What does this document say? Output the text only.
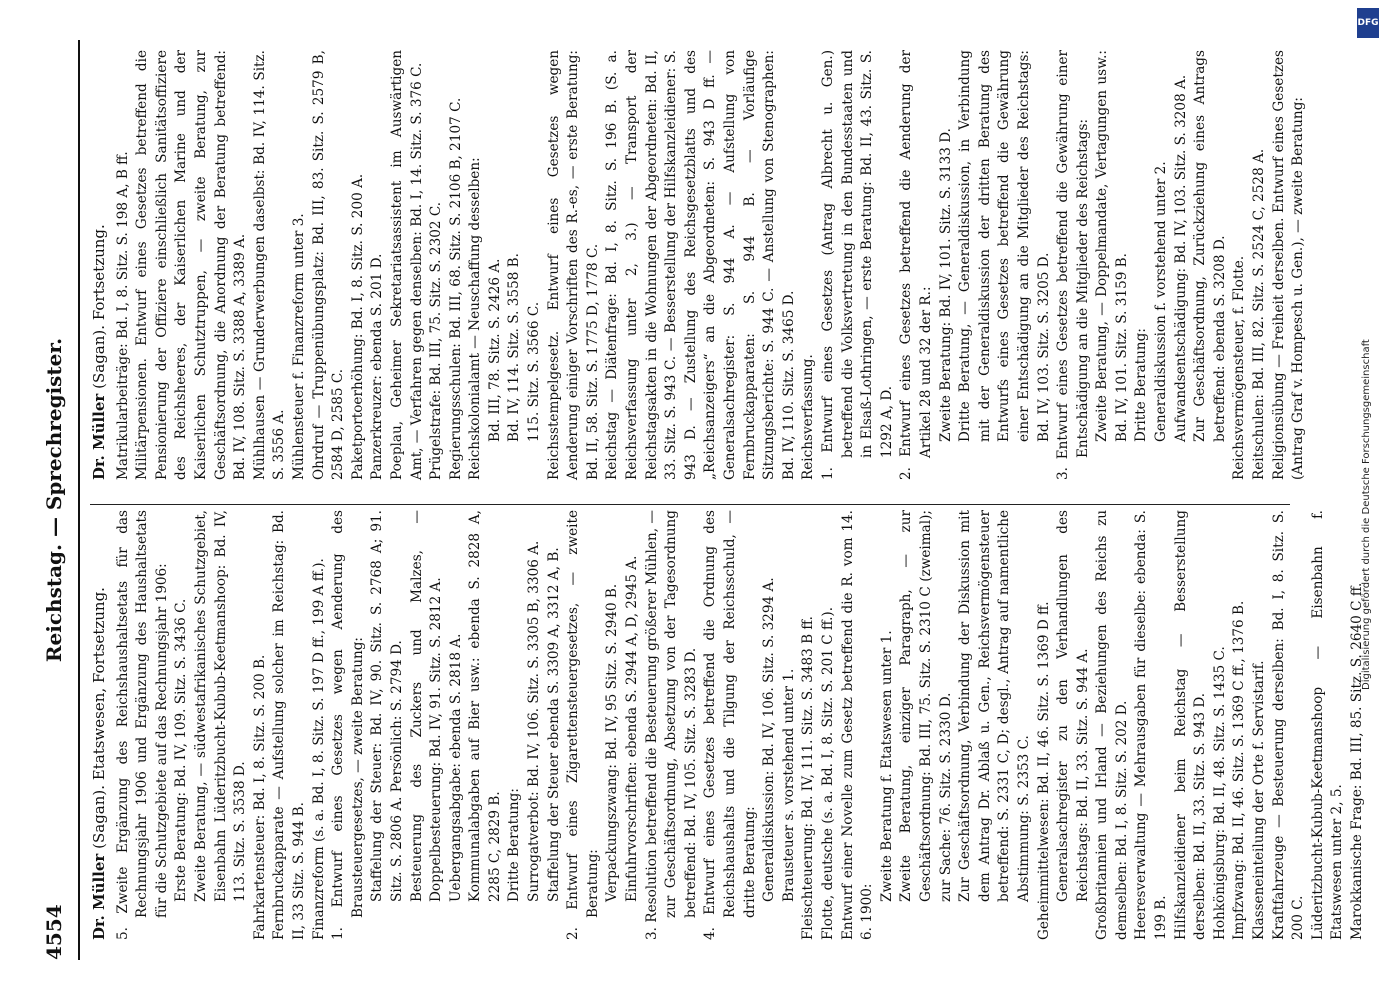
4554
Reichstag. — Sprechregister.
Dr. Müller (Sagan). Etatswesen, Fortsetzung. 5. Zweite Ergänzung des Reichshaushaltsetats für das Rechnungsjahr 1906 und Ergänzung des Haushaltsetats für die Schutzgebiete auf das Rechnungsjahr 1906: Erste Beratung: Bd. IV, 109. Sitz. S. 3436 C. Zweite Beratung, — südwestafrikanisches Schutzgebiet, Eisenbahn Lüderitzbucht-Kubub-Keetmanshoop: Bd. IV, 113. Sitz. S. 3538 D. Fahrkartensteuer: Bd. I, 8. Sitz. S. 200 B. Fernbruckapparate — Aufstellung solcher im Reichstag: Bd. II, 33 Sitz. S. 944 B. Finanzreform (s. a. Bd. I, 8. Sitz. S. 197 D ff., 199 A ff.). 1. Entwurf eines Gesetzes wegen Aenderung des Brausteuergesetzes, — zweite Beratung: Staffelung der Steuer: Bd. IV, 90. Sitz. S. 2768 A; 91. Sitz. S. 2806 A. Persönlich: S. 2794 D. Besteuerung des Zuckers und Malzes, — Doppelbesteuerung: Bd. IV, 91. Sitz. S. 2812 A. Uebergangsabgabe: ebenda S. 2818 A. Kommunalabgaben auf Bier usw.: ebenda S. 2828 A, 2285 C, 2829 B. Dritte Beratung: Surrogatverbot: Bd. IV, 106. Sitz. S. 3305 B, 3306 A. Staffelung der Steuer ebenda S. 3309 A, 3312 A, B. 2. Entwurf eines Zigarettensteuergesetzes, — zweite Beratung: Verpackungszwang: Bd. IV, 95 Sitz. S. 2940 B. Einfuhrvorschriften: ebenda S. 2944 A, D, 2945 A. 3. Resolution betreffend die Besteuerung größerer Mühlen, — zur Geschäftsordnung, Absetzung von der Tagesordnung betreffend: Bd. IV, 105. Sitz. S. 3283 D. 4. Entwurf eines Gesetzes betreffend die Ordnung des Reichshaushalts und die Tilgung der Reichsschuld, — dritte Beratung: Generaldiskussion: Bd. IV, 106. Sitz. S. 3294 A. Brausteuer s. vorstehend unter 1. Fleischteuerung: Bd. IV, 111. Sitz. S. 3483 B ff. Flotte, deutsche (s. a. Bd. I, 8. Sitz. S. 201 C ff.). Entwurf einer Novelle zum Gesetz betreffend die R. vom 14. 6. 1900:

Zweite Beratung f. Etatswesen unter 1. Zweite Beratung, einziger Paragraph, — zur Geschäftsordnung: Bd. III, 75. Sitz. S. 2310 C (zweimal); zur Sache: 76. Sitz. S. 2330 D. Zur Geschäftsordnung, Verbindung der Diskussion mit dem Antrag Dr. Ablaß u. Gen., Reichsvermögensteuer betreffend: S. 2331 C, D; desgl., Antrag auf namentliche Abstimmung: S. 2353 C. Geheimmittelwesen: Bd. II, 46. Sitz. S. 1369 D ff. Generalsachregister zu den Verhandlungen des Reichstags: Bd. II, 33. Sitz. S. 944 A. Großbritannien und Irland — Beziehungen des Reichs zu demselben: Bd. I, 8. Sitz. S. 202 D. Heeresverwaltung — Mehrausgaben für dieselbe: ebenda: S. 199 B. Hilfskanzleidiener beim Reichstag — Besserstellung derselben: Bd. II, 33. Sitz. S. 943 D. Hohkönigsburg: Bd. II, 48. Sitz. S. 1435 C. Impfzwang: Bd. II, 46. Sitz. S. 1369 C ff., 1376 B. Klasseneinteilung der Orte f. Servistarif. Kraftfahrzeuge — Besteuerung derselben: Bd. I, 8. Sitz. S. 200 C. Lüderitzbucht-Kubub-Keetmanshoop — Eisenbahn f. Etatswesen unter 2, 5. Marokkanische Frage: Bd. III, 85. Sitz. S. 2640 C ff.

Dr. Müller (Sagan). Fortsetzung. Matrikularbeiträge: Bd. I, 8. Sitz. S. 198 A, B ff. Militärpensionen. Entwurf eines Gesetzes betreffend die Pensionierung der Offiziere einschließlich Sanitätsoffiziere des Reichsheeres, der Kaiserlichen Marine und der Kaiserlichen Schutztruppen, — zweite Beratung, zur Geschäftsordnung, die Anordnung der Beratung betreffend: Bd. IV, 108. Sitz. S. 3388 A, 3389 A. Mühlhausen — Grunderwerbungen daselbst: Bd. IV, 114. Sitz. S. 3556 A. Mühlensteuer f. Finanzreform unter 3. Ohrdruf — Truppenübungsplatz: Bd. III, 83. Sitz. S. 2579 B, 2584 D, 2585 C. Paketportoerhöhung: Bd. I, 8. Sitz. S. 200 A. Panzerkreuzer: ebenda S. 201 D. Poeplau, Geheimer Sekretariatsassistent im Auswärtigen Amt, — Verfahren gegen denselben: Bd. I, 14. Sitz. S. 376 C. Prügelstrafe: Bd. III, 75. Sitz. S. 2302 C. Regierungsschulen: Bd. III, 68. Sitz. S. 2106 B, 2107 C. Reichskolonialamt — Neuschaffung desselben: Bd. III, 78. Sitz. S. 2426 A. Bd. IV, 114. Sitz. S. 3558 B. 115. Sitz. S. 3566 C. Reichsstempelgesetz. Entwurf eines Gesetzes wegen Aenderung einiger Vorschriften des R.-es, — erste Beratung: Bd. II, 58. Sitz. S. 1775 D, 1778 C. Reichstag — Diätenfrage: Bd. I, 8. Sitz. S. 196 B. (S. a. Reichsverfassung unter 2, 3.) — Transport der Reichstagsakten in die Wohnungen der Abgeordneten: Bd. II, 33. Sitz. S. 943 C. — Besserstellung der Hilfskanzleidiener: S. 943 D. — Zustellung des Reichsgesetzblatts und des „Reichsanzeigers“ an die Abgeordneten: S. 943 D ff. — Generalsachregister: S. 944 A. — Aufstellung von Fernbruckapparaten: S. 944 B. — Vorläufige Sitzungsberichte: S. 944 C. — Anstellung von Stenographen: Bd. IV, 110. Sitz. S. 3465 D. Reichsverfassung. 1. Entwurf eines Gesetzes (Antrag Albrecht u. Gen.) betreffend die Volksvertretung in den Bundesstaaten und in Elsaß-Lothringen, — erste Beratung: Bd. II, 43. Sitz. S. 1292 A, D. 2. Entwurf eines Gesetzes betreffend die Aenderung der Artikel 28 und 32 der R.: Zweite Beratung: Bd. IV, 101. Sitz. S. 3133 D. Dritte Beratung, — Generaldiskussion, in Verbindung mit der Generaldiskussion der dritten Beratung des Entwurfs eines Gesetzes betreffend die Gewährung einer Entschädigung an die Mitglieder des Reichstags: Bd. IV, 103. Sitz. S. 3205 D. 3. Entwurf eines Gesetzes betreffend die Gewährung einer Entschädigung an die Mitglieder des Reichstags: Zweite Beratung, — Doppelmandate, Vertagungen usw.: Bd. IV, 101. Sitz. S. 3159 B. Dritte Beratung: Generaldiskussion f. vorstehend unter 2. Aufwandsentschädigung: Bd. IV, 103. Sitz. S. 3208 A. Zur Geschäftsordnung, Zurückziehung eines Antrags betreffend: ebenda S. 3208 D. Reichsvermögensteuer, f. Flotte. Reitschulen: Bd. III, 82. Sitz. S. 2524 C, 2528 A. Religionsübung — Freiheit derselben. Entwurf eines Gesetzes (Antrag Graf v. Hompesch u. Gen.), — zweite Beratung:

Digitalisierung gefördert durch die Deutsche Forschungsgemeinschaft
DFG
